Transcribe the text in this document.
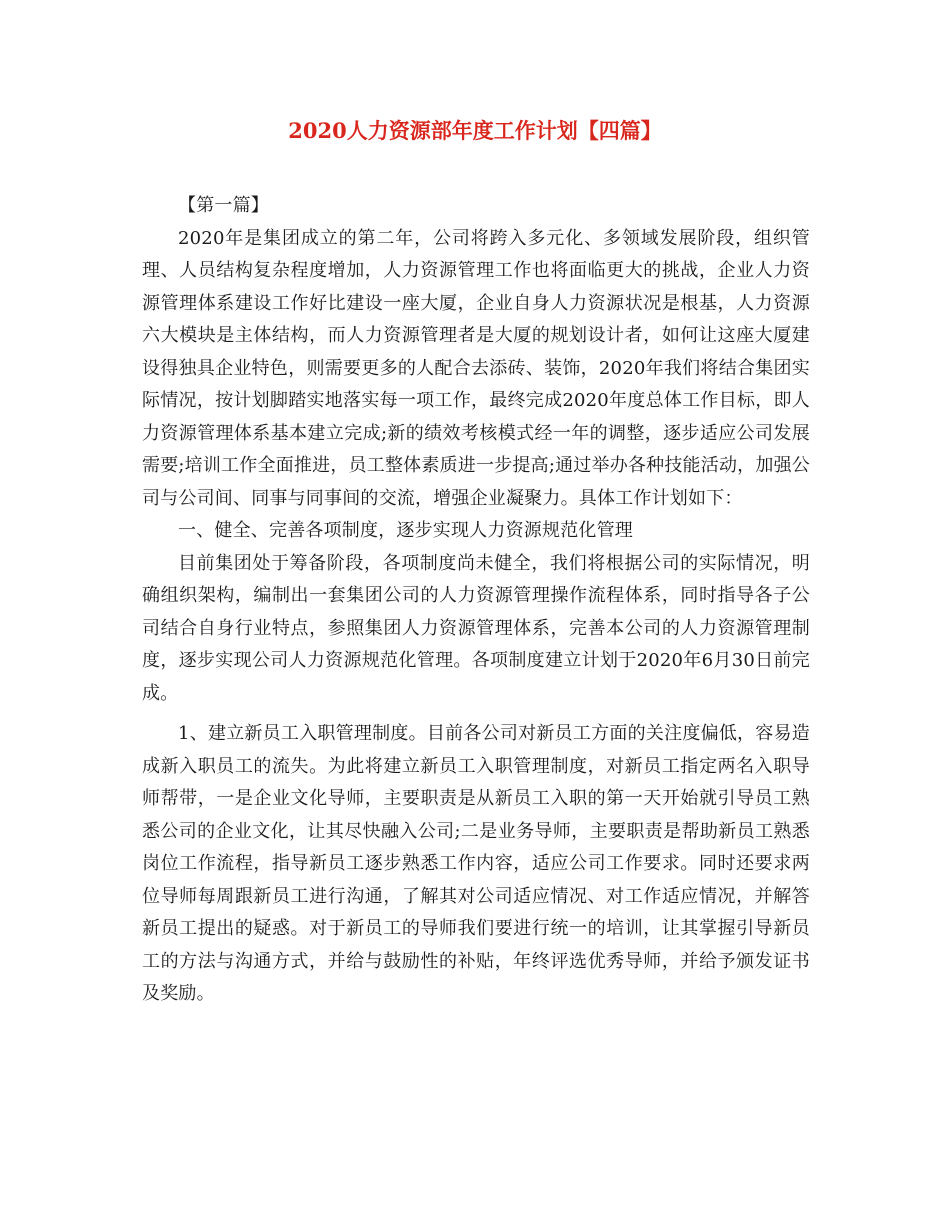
2020人力资源部年度工作计划【四篇】

【第一篇】

2020年是集团成立的第二年，公司将跨入多元化、多领域发展阶段，组织管理、人员结构复杂程度增加，人力资源管理工作也将面临更大的挑战，企业人力资源管理体系建设工作好比建设一座大厦，企业自身人力资源状况是根基，人力资源六大模块是主体结构，而人力资源管理者是大厦的规划设计者，如何让这座大厦建设得独具企业特色，则需要更多的人配合去添砖、装饰，2020年我们将结合集团实际情况，按计划脚踏实地落实每一项工作，最终完成2020年度总体工作目标，即人力资源管理体系基本建立完成;新的绩效考核模式经一年的调整，逐步适应公司发展需要;培训工作全面推进，员工整体素质进一步提高;通过举办各种技能活动，加强公司与公司间、同事与同事间的交流，增强企业凝聚力。具体工作计划如下：

一、健全、完善各项制度，逐步实现人力资源规范化管理

目前集团处于筹备阶段，各项制度尚未健全，我们将根据公司的实际情况，明确组织架构，编制出一套集团公司的人力资源管理操作流程体系，同时指导各子公司结合自身行业特点，参照集团人力资源管理体系，完善本公司的人力资源管理制度，逐步实现公司人力资源规范化管理。各项制度建立计划于2020年6月30日前完成。

1、建立新员工入职管理制度。目前各公司对新员工方面的关注度偏低，容易造成新入职员工的流失。为此将建立新员工入职管理制度，对新员工指定两名入职导师帮带，一是企业文化导师，主要职责是从新员工入职的第一天开始就引导员工熟悉公司的企业文化，让其尽快融入公司;二是业务导师，主要职责是帮助新员工熟悉岗位工作流程，指导新员工逐步熟悉工作内容，适应公司工作要求。同时还要求两位导师每周跟新员工进行沟通，了解其对公司适应情况、对工作适应情况，并解答新员工提出的疑惑。对于新员工的导师我们要进行统一的培训，让其掌握引导新员工的方法与沟通方式，并给与鼓励性的补贴，年终评选优秀导师，并给予颁发证书及奖励。
